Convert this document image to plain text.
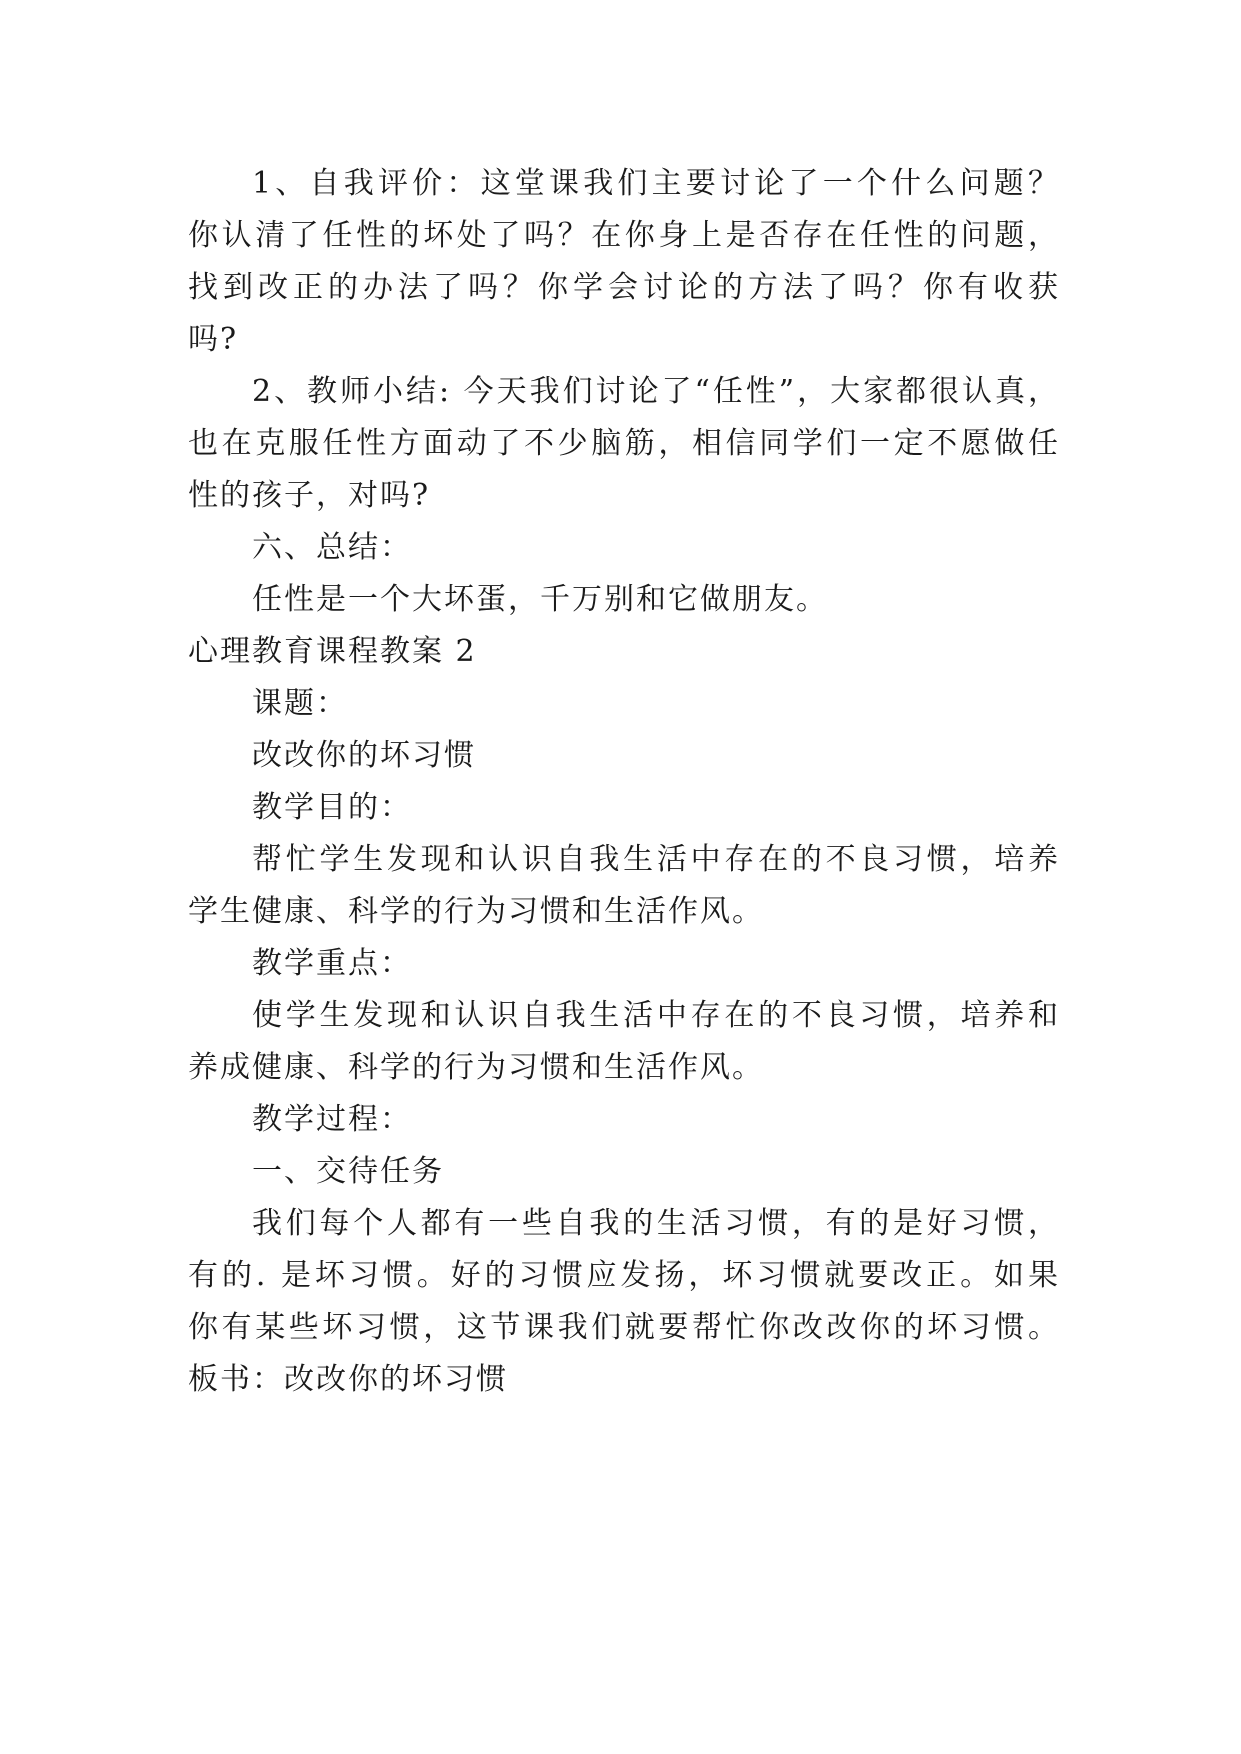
1、自我评价：这堂课我们主要讨论了一个什么问题？
你认清了任性的坏处了吗？在你身上是否存在任性的问题，
找到改正的办法了吗？你学会讨论的方法了吗？你有收获
吗?
2、教师小结: 今天我们讨论了“任性”，大家都很认真，
也在克服任性方面动了不少脑筋，相信同学们一定不愿做任
性的孩子，对吗?
六、总结：
任性是一个大坏蛋，千万别和它做朋友。
心理教育课程教案 2
课题：
改改你的坏习惯
教学目的：
帮忙学生发现和认识自我生活中存在的不良习惯，培养
学生健康、科学的行为习惯和生活作风。
教学重点：
使学生发现和认识自我生活中存在的不良习惯，培养和
养成健康、科学的行为习惯和生活作风。
教学过程：
一、交待任务
我们每个人都有一些自我的生活习惯，有的是好习惯，
有的. 是坏习惯。好的习惯应发扬，坏习惯就要改正。如果
你有某些坏习惯，这节课我们就要帮忙你改改你的坏习惯。
板书：改改你的坏习惯
